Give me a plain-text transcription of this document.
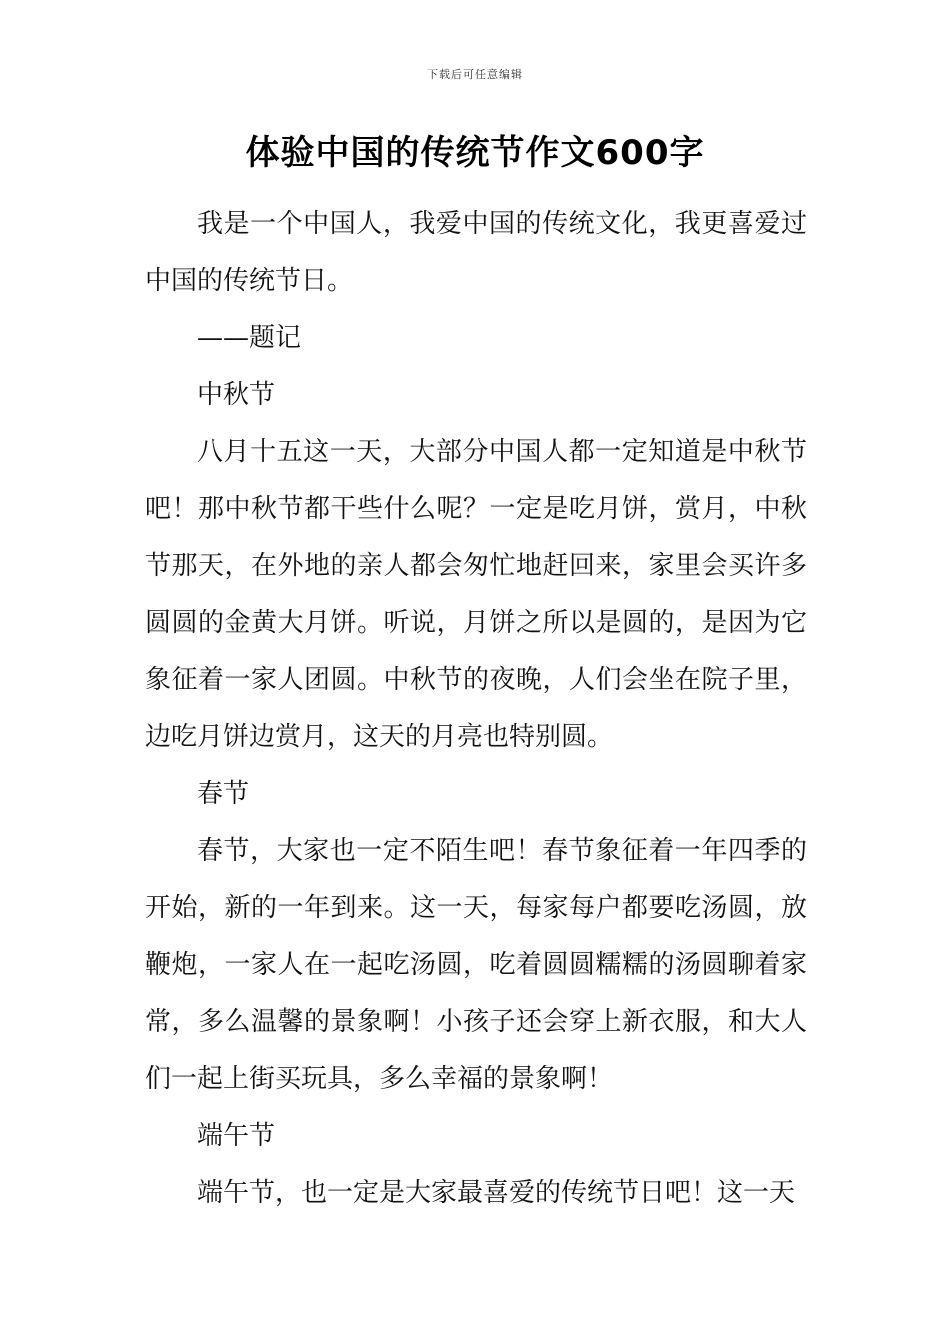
下载后可任意编辑
体验中国的传统节作文600字

我是一个中国人，我爱中国的传统文化，我更喜爱过中国的传统节日。

——题记

中秋节

八月十五这一天，大部分中国人都一定知道是中秋节吧！那中秋节都干些什么呢？一定是吃月饼，赏月，中秋节那天，在外地的亲人都会匆忙地赶回来，家里会买许多圆圆的金黄大月饼。听说，月饼之所以是圆的，是因为它象征着一家人团圆。中秋节的夜晚，人们会坐在院子里，边吃月饼边赏月，这天的月亮也特别圆。

春节

春节，大家也一定不陌生吧！春节象征着一年四季的开始，新的一年到来。这一天，每家每户都要吃汤圆，放鞭炮，一家人在一起吃汤圆，吃着圆圆糯糯的汤圆聊着家常，多么温馨的景象啊！小孩子还会穿上新衣服，和大人们一起上街买玩具，多么幸福的景象啊！

端午节

端午节，也一定是大家最喜爱的传统节日吧！这一天
